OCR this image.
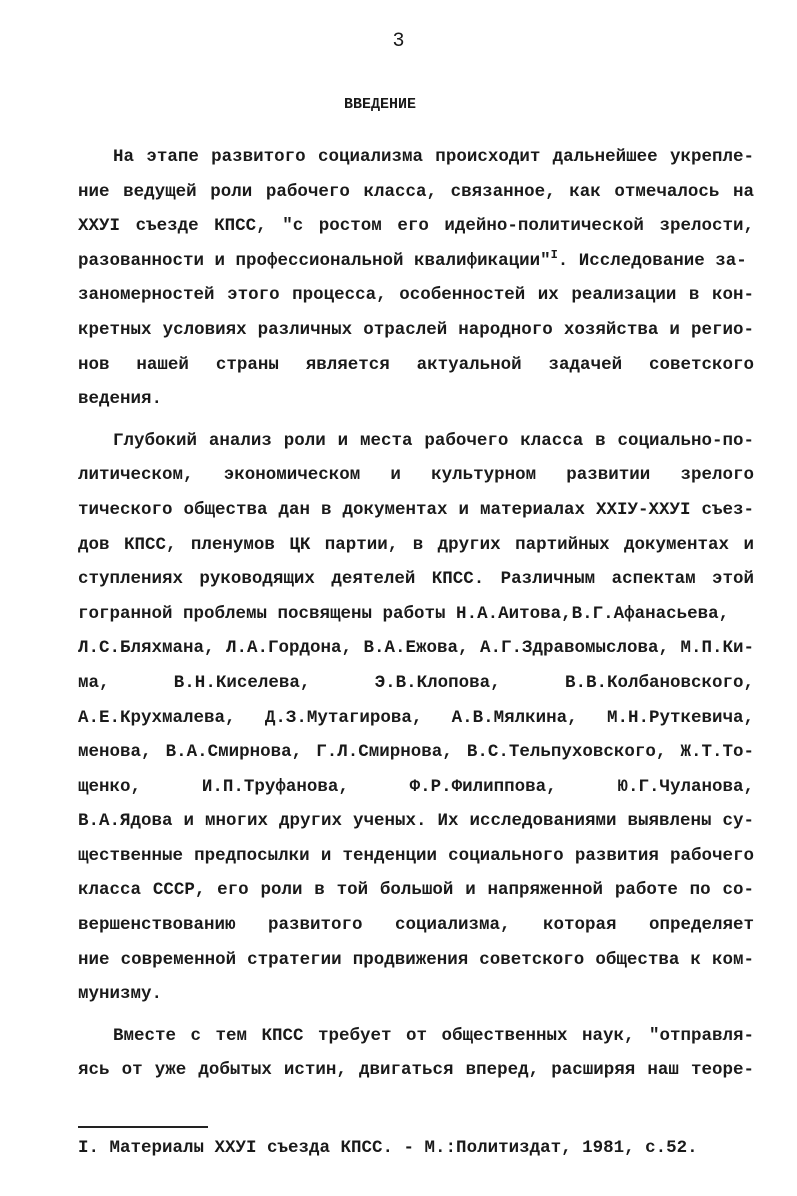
3
ВВЕДЕНИЕ
На этапе развитого социализма происходит дальнейшее укрепле-
ние ведущей роли рабочего класса, связанное, как отмечалось на
XXУI съезде КПСС, "с ростом его идейно-политической зрелости,
разованности и профессиональной квалификации"$^I$. Исследование за-
заномерностей этого процесса, особенностей их реализации в кон-
кретных условиях различных отраслей народного хозяйства и регио-
нов нашей страны является актуальной задачей советского
ведения.
Глубокий анализ роли и места рабочего класса в социально-по-
литическом, экономическом и культурном развитии зрелого
тического общества дан в документах и материалах XXIУ-XXУI съез-
дов КПСС, пленумов ЦК партии, в других партийных документах и
ступлениях руководящих деятелей КПСС. Различным аспектам этой
гогранной проблемы посвящены работы Н.А.Аитова,В.Г.Афанасьева,
Л.С.Бляхмана, Л.А.Гордона, В.А.Ежова, А.Г.Здравомыслова, М.П.Ки-
ма, В.Н.Киселева, Э.В.Клопова, В.В.Колбановского,
А.Е.Крухмалева, Д.З.Мутагирова, А.В.Мялкина, М.Н.Руткевича,
менова, В.А.Смирнова, Г.Л.Смирнова, В.С.Тельпуховского, Ж.Т.То-
щенко, И.П.Труфанова, Ф.Р.Филиппова, Ю.Г.Чуланова,
В.А.Ядова и многих других ученых. Их исследованиями выявлены су-
щественные предпосылки и тенденции социального развития рабочего
класса СССР, его роли в той большой и напряженной работе по со-
вершенствованию развитого социализма, которая определяет
ние современной стратегии продвижения советского общества к ком-
мунизму.
Вместе с тем КПСС требует от общественных наук, "отправля-
ясь от уже добытых истин, двигаться вперед, расширяя наш теоре-
I. Материалы XXУI съезда КПСС. - М.:Политиздат, 1981, с.52.
